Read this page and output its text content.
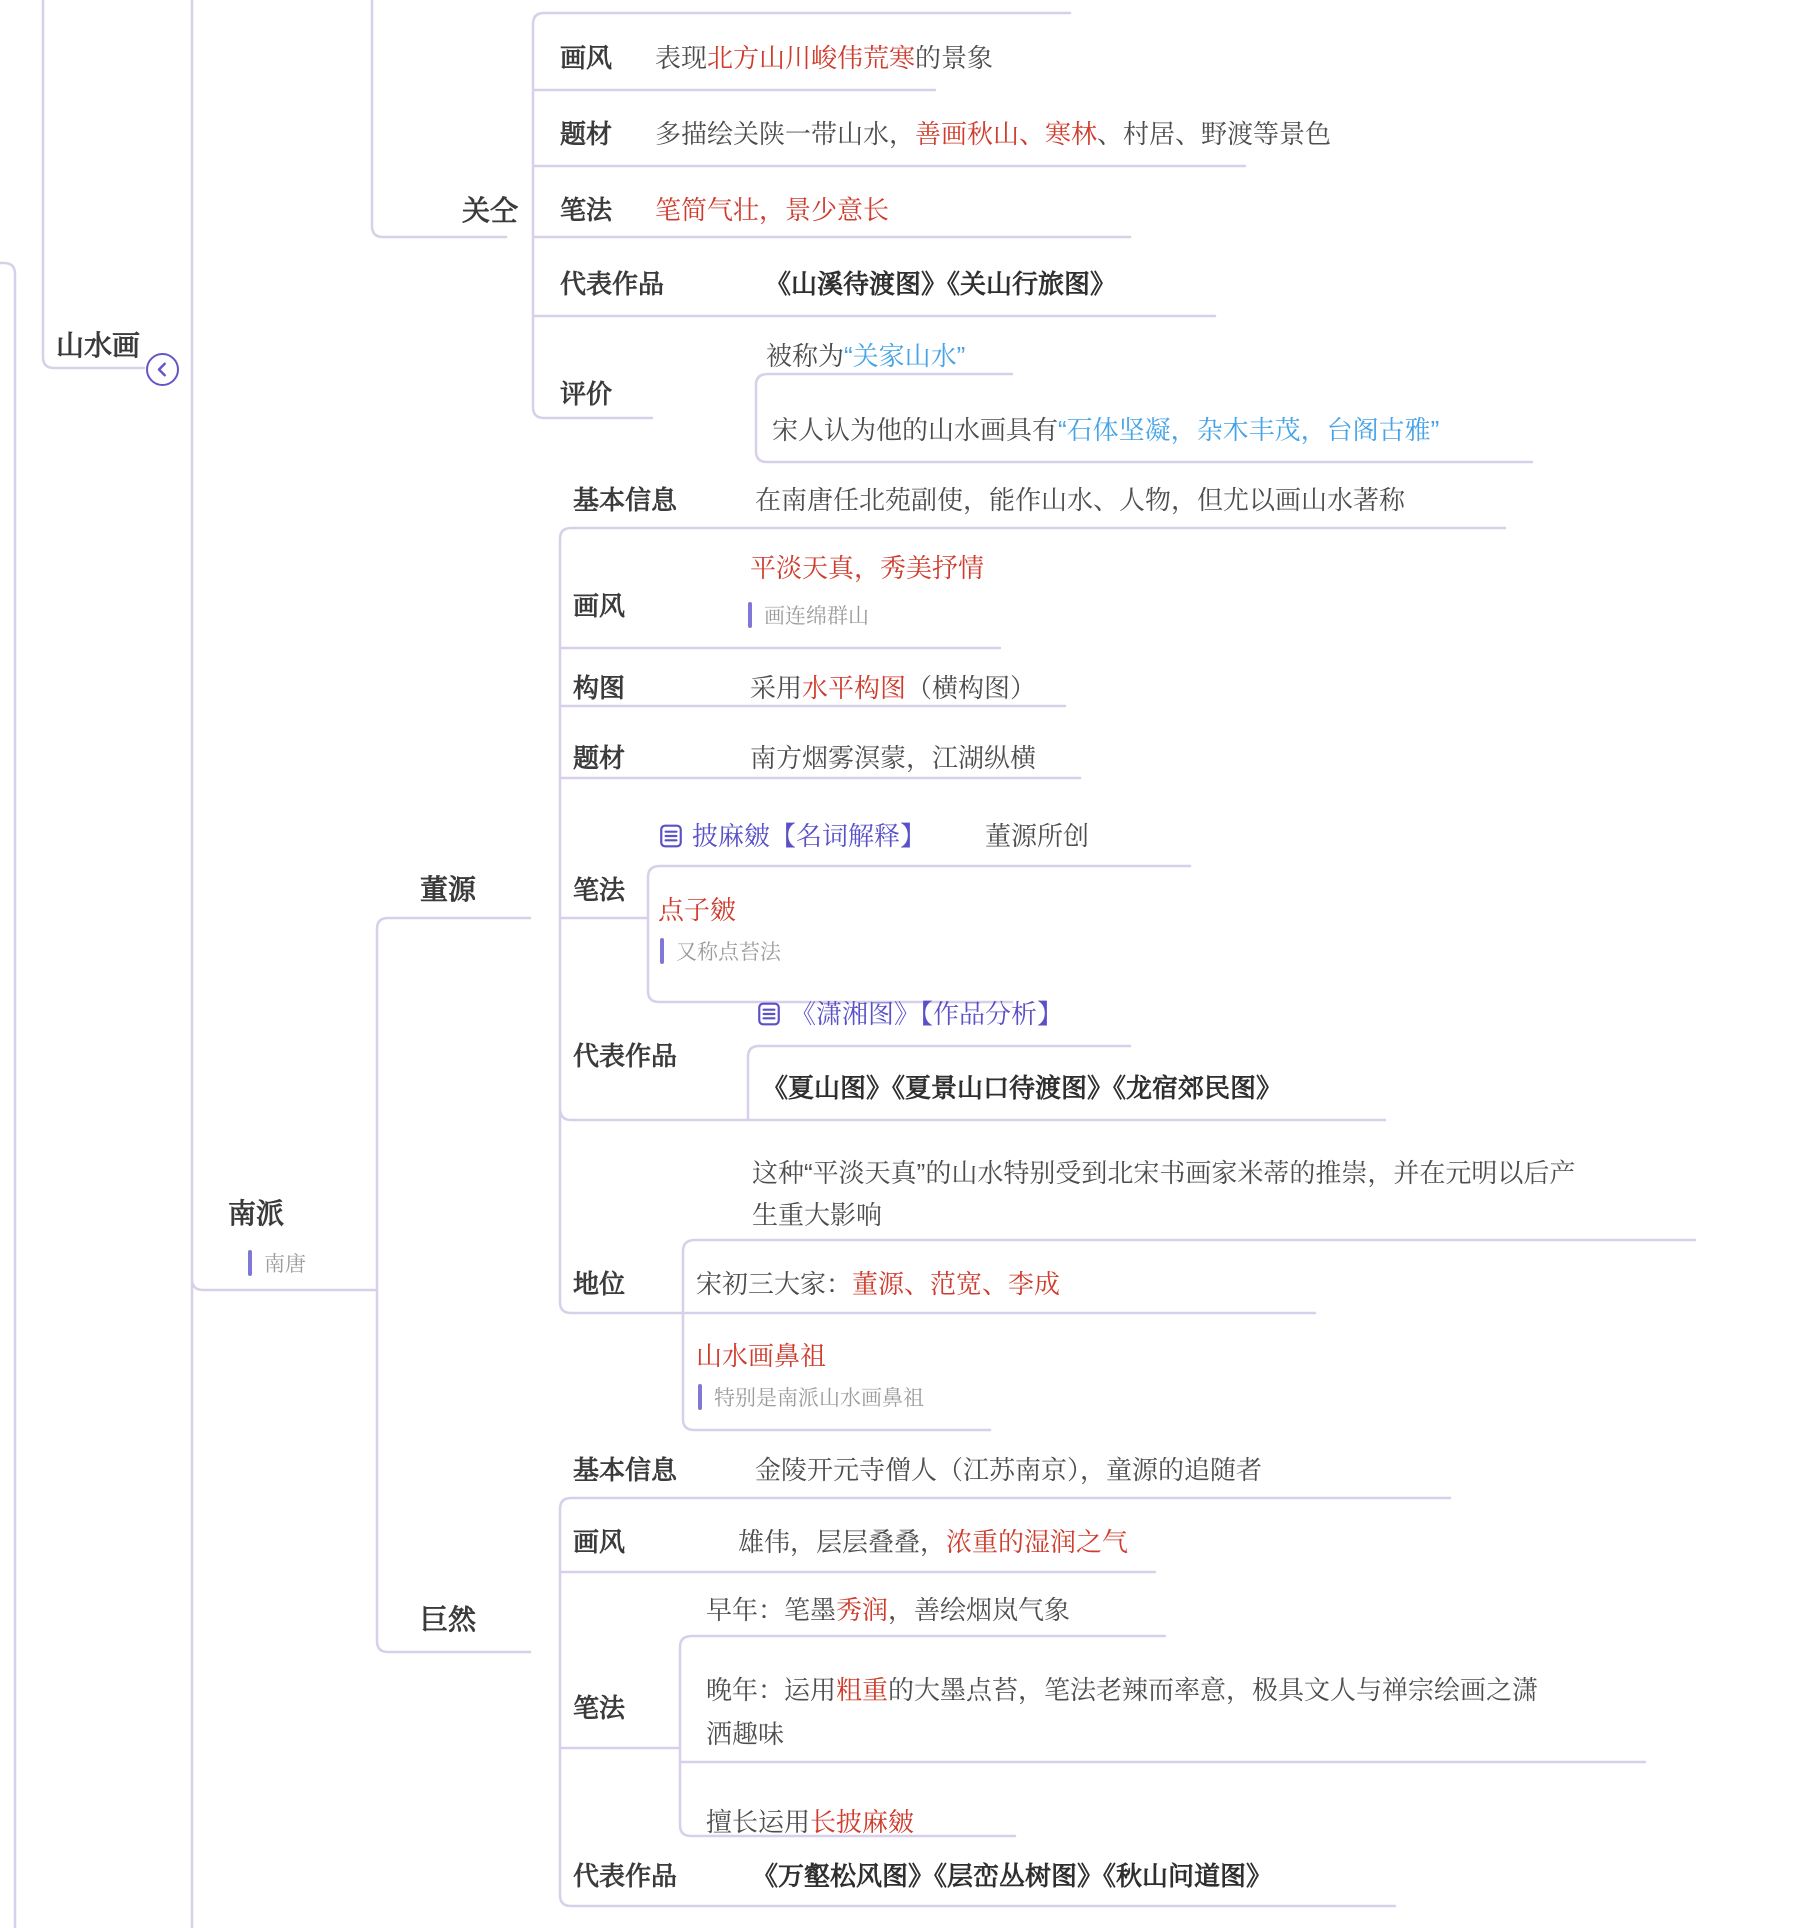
山水画
关仝
画风 表现北方山川峻伟荒寒的景象
题材 多描绘关陕一带山水，善画秋山、寒林、村居、野渡等景色
笔法 笔简气壮，景少意长
代表作品	《山溪待渡图》《关山行旅图》
评价
被称为“关家山水”
宋人认为他的山水画具有“石体坚凝，杂木丰茂，台阁古雅”
南派
南唐
董源
基本信息	在南唐任北苑副使，能作山水、人物，但尤以画山水著称
画风
平淡天真，秀美抒情
画连绵群山
构图	采用水平构图（横构图）
题材	南方烟雾溟蒙，江湖纵横
笔法
披麻皴【名词解释】 董源所创
点子皴
又称点苔法
代表作品
《潇湘图》【作品分析】
《夏山图》《夏景山口待渡图》《龙宿郊民图》
这种“平淡天真”的山水特别受到北宋书画家米蒂的推崇，并在元明以后产生重大影响
地位	宋初三大家：董源、范宽、李成
山水画鼻祖
特别是南派山水画鼻祖
巨然
基本信息	金陵开元寺僧人（江苏南京），童源的追随者
画风	雄伟，层层叠叠，浓重的湿润之气
笔法
早年：笔墨秀润，善绘烟岚气象
晚年：运用粗重的大墨点苔，笔法老辣而率意，极具文人与禅宗绘画之潇洒趣味
擅长运用长披麻皴
代表作品	《万壑松风图》《层峦丛树图》《秋山问道图》
